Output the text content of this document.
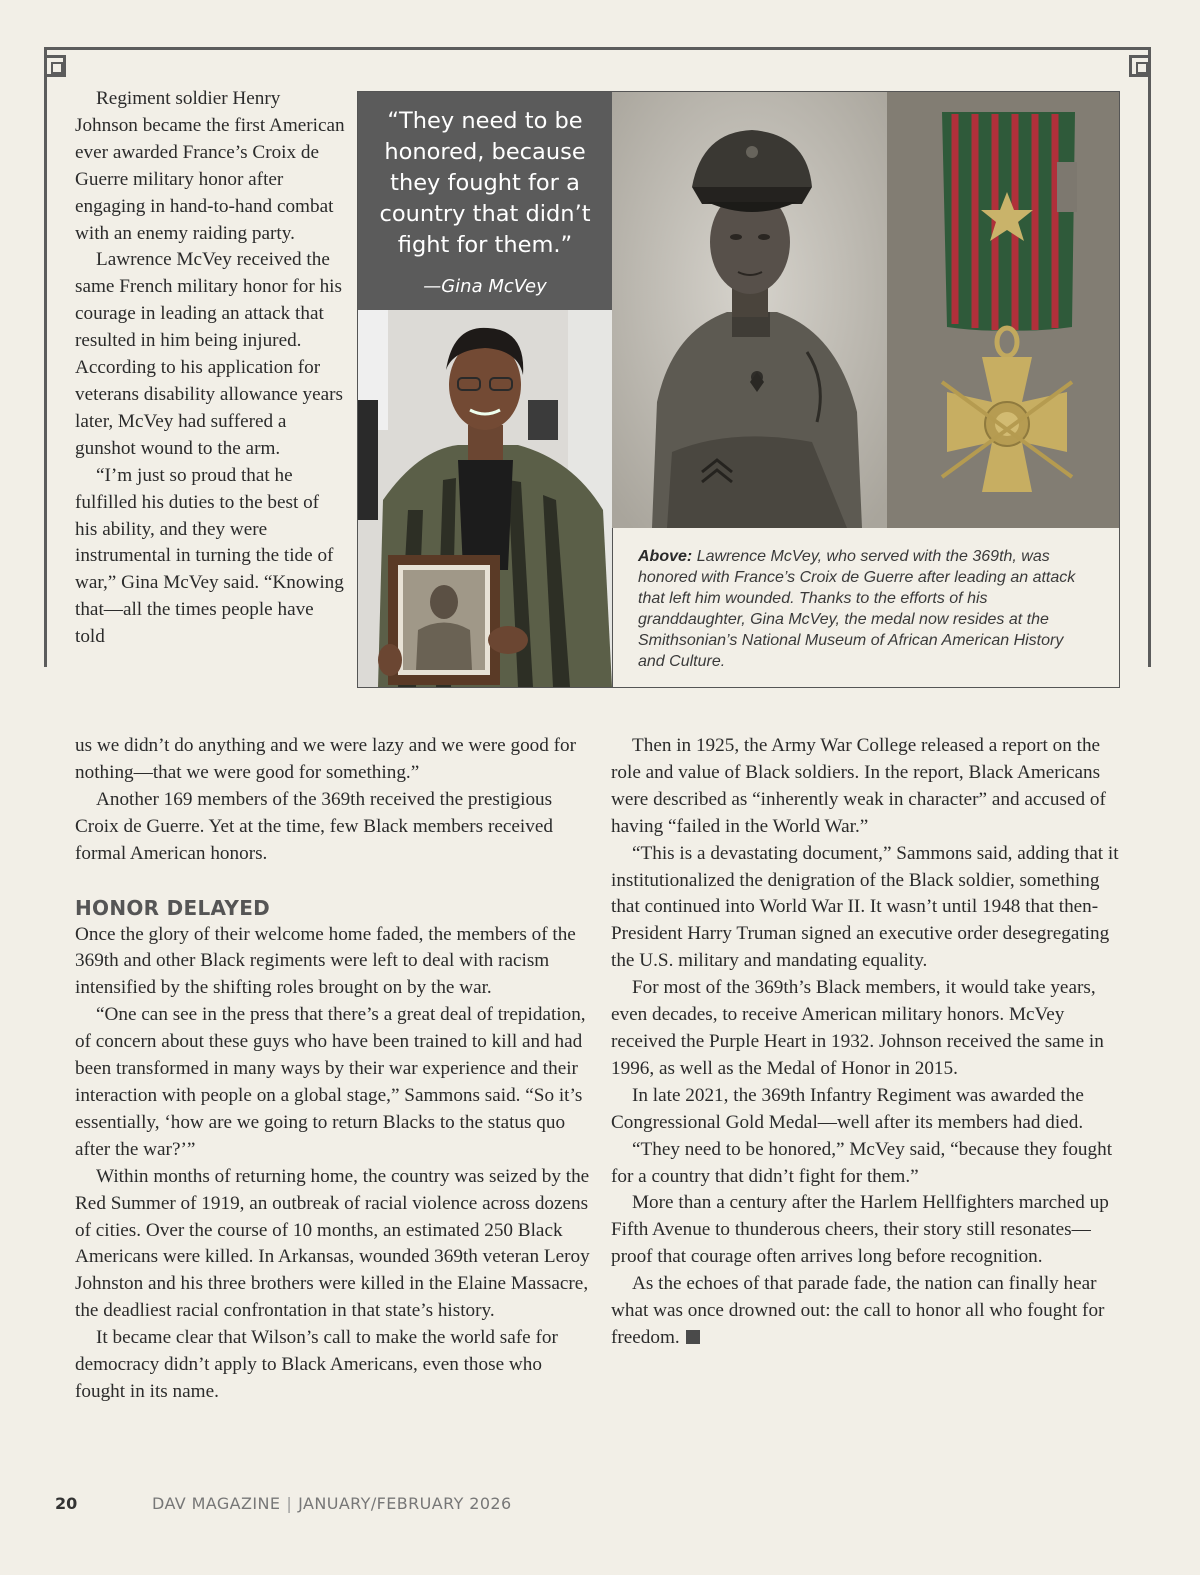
Regiment soldier Henry Johnson became the first American ever awarded France’s Croix de Guerre military honor after engaging in hand-to-hand combat with an enemy raiding party.

Lawrence McVey received the same French military honor for his courage in leading an attack that resulted in him being injured. According to his application for veterans disability allowance years later, McVey had suffered a gunshot wound to the arm.

“I’m just so proud that he fulfilled his duties to the best of his ability, and they were instrumental in turning the tide of war,” Gina McVey said. “Knowing that—all the times people have told

“They need to be
honored, because
they fought for a
country that didn’t
fight for them.”
—Gina McVey
Above: Lawrence McVey, who served with the 369th, was honored with France’s Croix de Guerre after leading an attack that left him wounded. Thanks to the efforts of his granddaughter, Gina McVey, the medal now resides at the Smithsonian’s National Museum of African American History and Culture.

us we didn’t do anything and we were lazy and we were good for nothing—that we were good for something.”

Another 169 members of the 369th received the prestigious Croix de Guerre. Yet at the time, few Black members received formal American honors.

HONOR DELAYED

Once the glory of their welcome home faded, the members of the 369th and other Black regiments were left to deal with racism intensified by the shifting roles brought on by the war.

“One can see in the press that there’s a great deal of trepidation, of concern about these guys who have been trained to kill and had been transformed in many ways by their war experience and their interaction with people on a global stage,” Sammons said. “So it’s essentially, ‘how are we going to return Blacks to the status quo after the war?’”

Within months of returning home, the country was seized by the Red Summer of 1919, an outbreak of racial violence across dozens of cities. Over the course of 10 months, an estimated 250 Black Americans were killed. In Arkansas, wounded 369th veteran Leroy Johnston and his three brothers were killed in the Elaine Massacre, the deadliest racial confrontation in that state’s history.

It became clear that Wilson’s call to make the world safe for democracy didn’t apply to Black Americans, even those who fought in its name.

Then in 1925, the Army War College released a report on the role and value of Black soldiers. In the report, Black Americans were described as “inherently weak in character” and accused of having “failed in the World War.”

“This is a devastating document,” Sammons said, adding that it institutionalized the denigration of the Black soldier, something that continued into World War II. It wasn’t until 1948 that then-President Harry Truman signed an executive order desegregating the U.S. military and mandating equality.

For most of the 369th’s Black members, it would take years, even decades, to receive American military honors. McVey received the Purple Heart in 1932. Johnson received the same in 1996, as well as the Medal of Honor in 2015.

In late 2021, the 369th Infantry Regiment was awarded the Congressional Gold Medal—well after its members had died.

“They need to be honored,” McVey said, “because they fought for a country that didn’t fight for them.”

More than a century after the Harlem Hellfighters marched up Fifth Avenue to thunderous cheers, their story still resonates—proof that courage often arrives long before recognition.

As the echoes of that parade fade, the nation can finally hear what was once drowned out: the call to honor all who fought for freedom.

20	DAV MAGAZINE | JANUARY/FEBRUARY 2026
